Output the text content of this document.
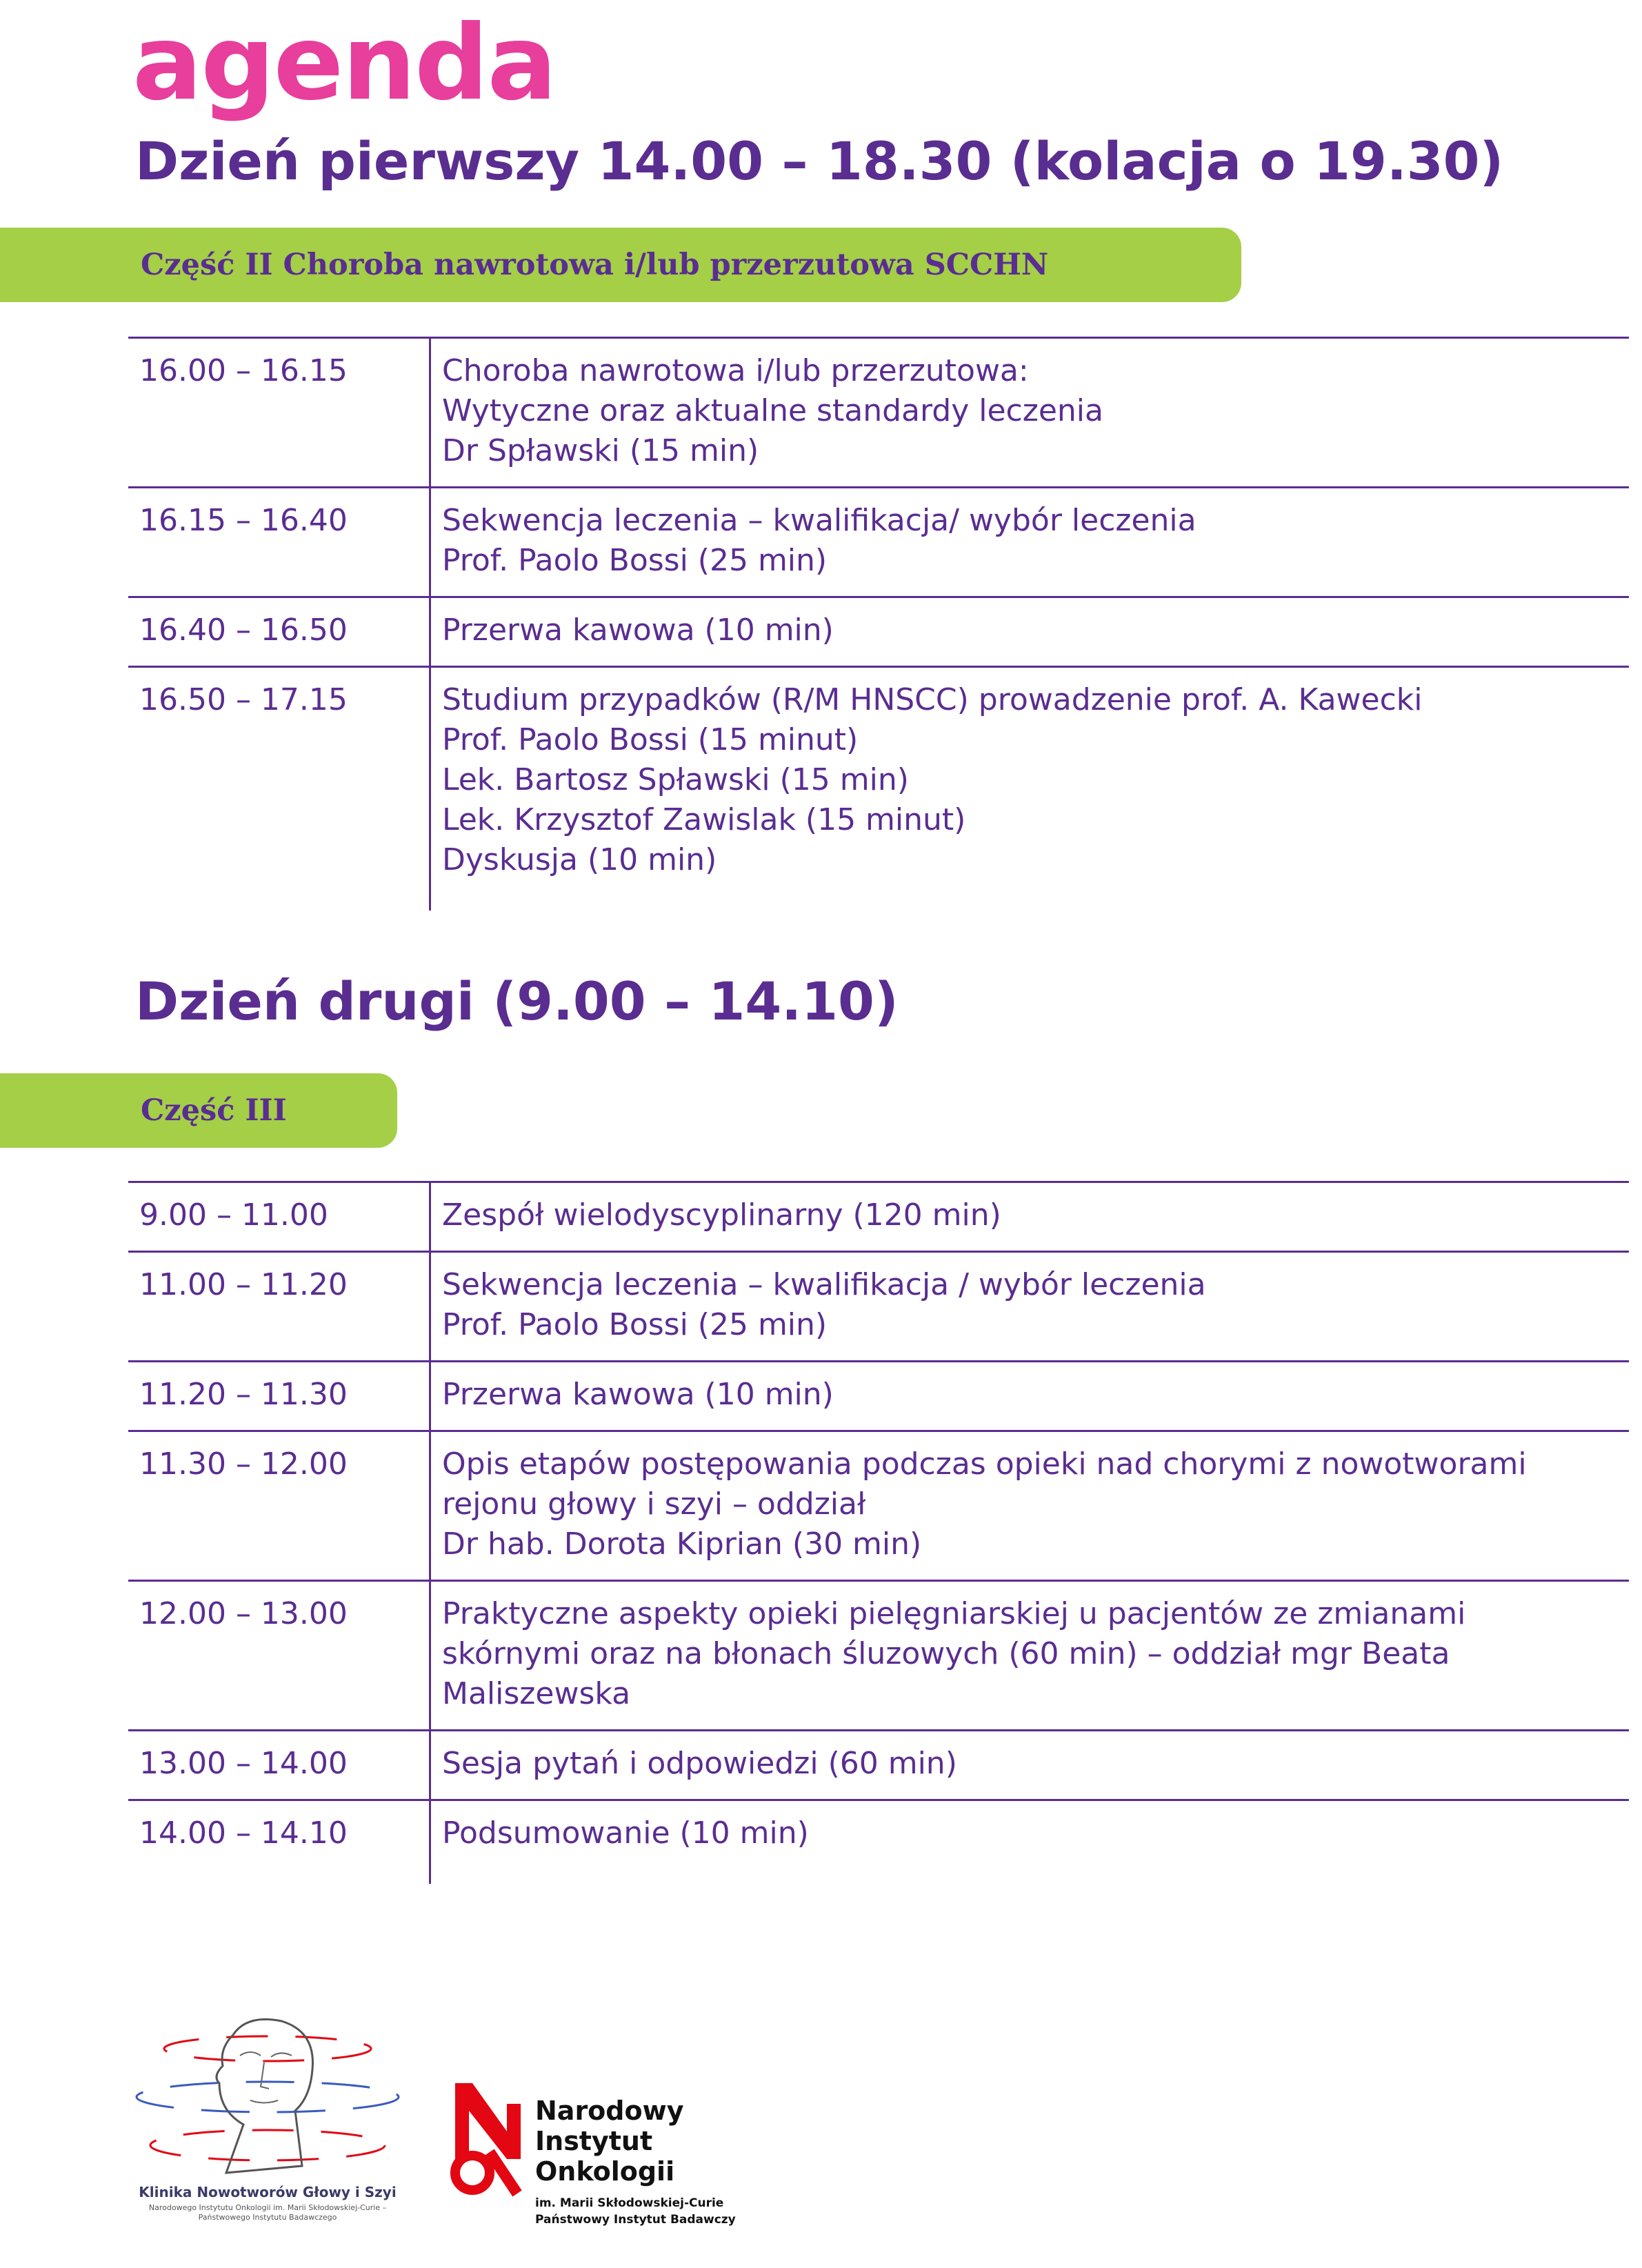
agenda
Dzień pierwszy 14.00 – 18.30 (kolacja o 19.30)
Część II Choroba nawrotowa i/lub przerzutowa SCCHN
16.00 – 16.15	Choroba nawrotowa i/lub przerzutowa:
Wytyczne oraz aktualne standardy leczenia
Dr Spławski (15 min)

16.15 – 16.40	Sekwencja leczenia – kwalifikacja/ wybór leczenia
Prof. Paolo Bossi (25 min)

16.40 – 16.50	Przerwa kawowa (10 min)

16.50 – 17.15	Studium przypadków (R/M HNSCC) prowadzenie prof. A. Kawecki
Prof. Paolo Bossi (15 minut)
Lek. Bartosz Spławski (15 min)
Lek. Krzysztof Zawislak (15 minut)
Dyskusja (10 min)
Dzień drugi (9.00 – 14.10)
Część III
9.00 – 11.00	Zespół wielodyscyplinarny (120 min)

11.00 – 11.20	Sekwencja leczenia – kwalifikacja / wybór leczenia
Prof. Paolo Bossi (25 min)

11.20 – 11.30	Przerwa kawowa (10 min)

11.30 – 12.00	Opis etapów postępowania podczas opieki nad chorymi z nowotworami
rejonu głowy i szyi – oddział
Dr hab. Dorota Kiprian (30 min)

12.00 – 13.00	Praktyczne aspekty opieki pielęgniarskiej u pacjentów ze zmianami
skórnymi oraz na błonach śluzowych (60 min) – oddział mgr Beata
Maliszewska

13.00 – 14.00	Sesja pytań i odpowiedzi (60 min)

14.00 – 14.10	Podsumowanie (10 min)
Klinika Nowotworów Głowy i Szyi
Narodowego Instytutu Onkologii im. Marii Skłodowskiej-Curie – Państwowego Instytutu Badawczego
Narodowy
Instytut
Onkologii
im. Marii Skłodowskiej-Curie
Państwowy Instytut Badawczy
